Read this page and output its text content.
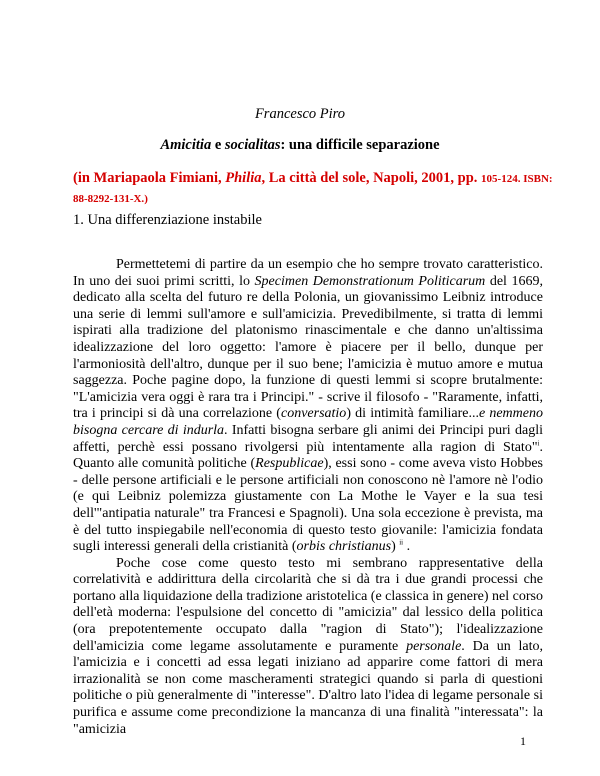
Francesco Piro
Amicitia e socialitas: una difficile separazione
(in Mariapaola Fimiani, Philia, La città del sole, Napoli, 2001, pp. 105-124. ISBN: 88-8292-131-X.)
1. Una differenziazione instabile

Permettetemi di partire da un esempio che ho sempre trovato caratteristico. In uno dei suoi primi scritti, lo Specimen Demonstrationum Politicarum del 1669, dedicato alla scelta del futuro re della Polonia, un giovanissimo Leibniz introduce una serie di lemmi sull'amore e sull'amicizia. Prevedibilmente, si tratta di lemmi ispirati alla tradizione del platonismo rinascimentale e che danno un'altissima idealizzazione del loro oggetto: l'amore è piacere per il bello, dunque per l'armoniosità dell'altro, dunque per il suo bene; l'amicizia è mutuo amore e mutua saggezza. Poche pagine dopo, la funzione di questi lemmi si scopre brutalmente: "L'amicizia vera oggi è rara tra i Principi." - scrive il filosofo - "Raramente, infatti, tra i principi si dà una correlazione (conversatio) di intimità familiare...e nemmeno bisogna cercare di indurla. Infatti bisogna serbare gli animi dei Principi puri dagli affetti, perchè essi possano rivolgersi più intentamente alla ragion di Stato"$^i$. Quanto alle comunità politiche (Respublicae), essi sono - come aveva visto Hobbes - delle persone artificiali e le persone artificiali non conoscono nè l'amore nè l'odio (e qui Leibniz polemizza giustamente con La Mothe le Vayer e la sua tesi dell'"antipatia naturale" tra Francesi e Spagnoli). Una sola eccezione è prevista, ma è del tutto inspiegabile nell'economia di questo testo giovanile: l'amicizia fondata sugli interessi generali della cristianità (orbis christianus) $^{ii}$ .

Poche cose come questo testo mi sembrano rappresentative della correlatività e addirittura della circolarità che si dà tra i due grandi processi che portano alla liquidazione della tradizione aristotelica (e classica in genere) nel corso dell'età moderna: l'espulsione del concetto di "amicizia" dal lessico della politica (ora prepotentemente occupato dalla "ragion di Stato"); l'idealizzazione dell'amicizia come legame assolutamente e puramente personale. Da un lato, l'amicizia e i concetti ad essa legati iniziano ad apparire come fattori di mera irrazionalità se non come mascheramenti strategici quando si parla di questioni politiche o più generalmente di "interesse". D'altro lato l'idea di legame personale si purifica e assume come precondizione la mancanza di una finalità "interessata": la "amicizia

1
